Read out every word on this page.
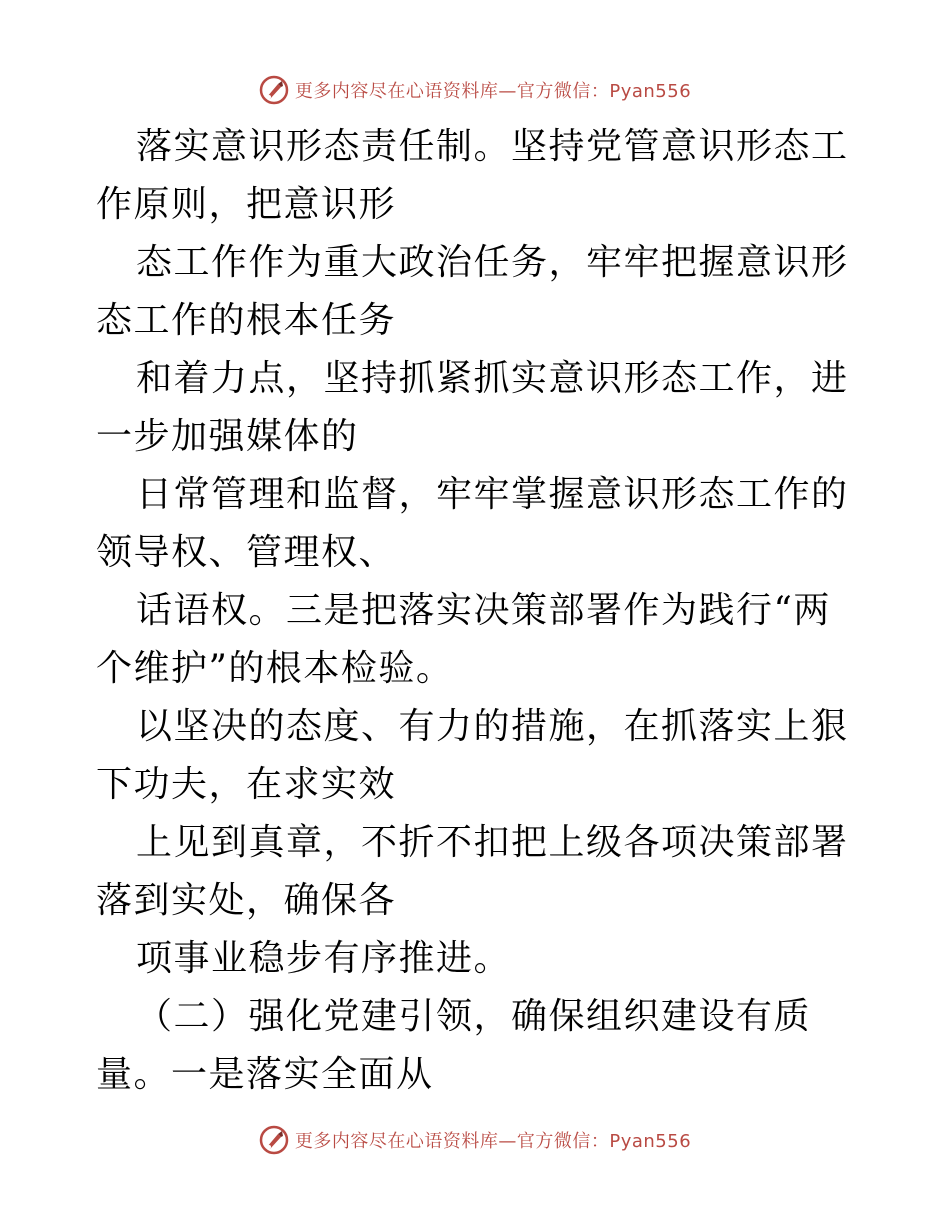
更多内容尽在心语资料库—官方微信：Pyan556

落实意识形态责任制。坚持党管意识形态工作原则，把意识形

态工作作为重大政治任务，牢牢把握意识形态工作的根本任务

和着力点，坚持抓紧抓实意识形态工作，进一步加强媒体的

日常管理和监督，牢牢掌握意识形态工作的领导权、管理权、

话语权。三是把落实决策部署作为践行“两个维护”的根本检验。

以坚决的态度、有力的措施，在抓落实上狠下功夫，在求实效

上见到真章，不折不扣把上级各项决策部署落到实处，确保各

项事业稳步有序推进。

（二）强化党建引领，确保组织建设有质量。一是落实全面从

更多内容尽在心语资料库—官方微信：Pyan556
